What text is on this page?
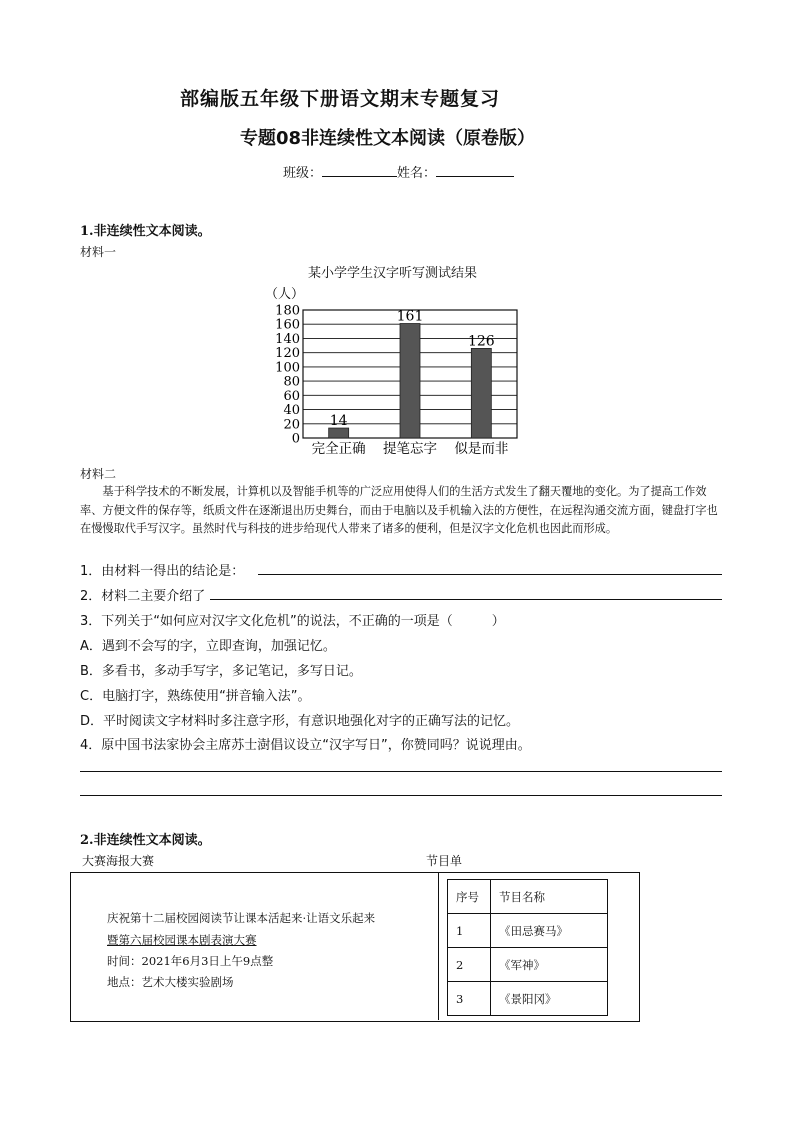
部编版五年级下册语文期末专题复习
专题08非连续性文本阅读（原卷版）
班级：	姓名：
1.非连续性文本阅读。
材料一
某小学学生汉字听写测试结果
（人）
0
20
40
60
80
100
120
140
160
180
14
161
126
完全正确 提笔忘字 似是而非
材料二
基于科学技术的不断发展，计算机以及智能手机等的广泛应用使得人们的生活方式发生了翻天覆地的变化。为了提高工作效率、方便文件的保存等，纸质文件在逐渐退出历史舞台，而由于电脑以及手机输入法的方便性，在远程沟通交流方面，键盘打字也在慢慢取代手写汉字。虽然时代与科技的进步给现代人带来了诸多的便利，但是汉字文化危机也因此而形成。
1．由材料一得出的结论是：
2．材料二主要介绍了
3．下列关于“如何应对汉字文化危机”的说法，不正确的一项是（　　　）
A．遇到不会写的字，立即查询，加强记忆。
B．多看书，多动手写字，多记笔记，多写日记。
C．电脑打字，熟练使用“拼音输入法”。
D．平时阅读文字材料时多注意字形，有意识地强化对字的正确写法的记忆。
4．原中国书法家协会主席苏士澍倡议设立“汉字写日”，你赞同吗？说说理由。
2.非连续性文本阅读。
大赛海报大赛	节目单
庆祝第十二届校园阅读节让课本活起来·让语文乐起来
暨第六届校园课本剧表演大赛
时间：2021年6月3日上午9点整
地点：艺术大楼实验剧场
序号	节目名称
1	《田忌赛马》
2	《军神》
3	《景阳冈》
